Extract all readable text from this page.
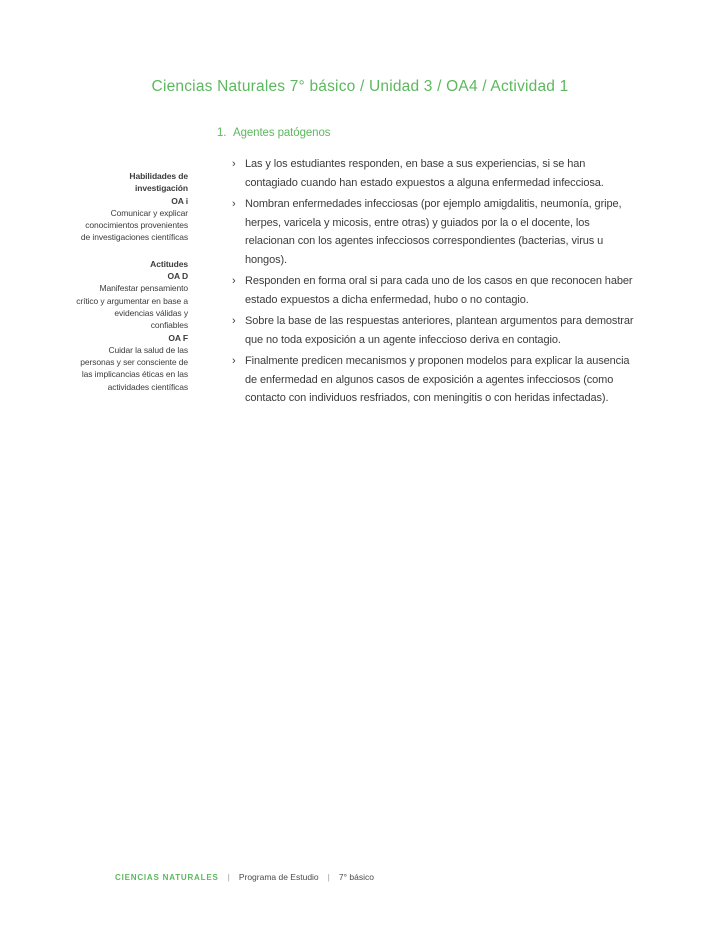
Ciencias Naturales 7° básico / Unidad 3 / OA4 / Actividad 1
1. Agentes patógenos
Habilidades de investigación
OA i
Comunicar y explicar conocimientos provenientes de investigaciones científicas
Actitudes
OA D
Manifestar pensamiento crítico y argumentar en base a evidencias válidas y confiables
OA F
Cuidar la salud de las personas y ser consciente de las implicancias éticas en las actividades científicas
› Las y los estudiantes responden, en base a sus experiencias, si se han contagiado cuando han estado expuestos a alguna enfermedad infecciosa.
› Nombran enfermedades infecciosas (por ejemplo amigdalitis, neumonía, gripe, herpes, varicela y micosis, entre otras) y guiados por la o el docente, los relacionan con los agentes infecciosos correspondientes (bacterias, virus u hongos).
› Responden en forma oral si para cada uno de los casos en que reconocen haber estado expuestos a dicha enfermedad, hubo o no contagio.
› Sobre la base de las respuestas anteriores, plantean argumentos para demostrar que no toda exposición a un agente infeccioso deriva en contagio.
› Finalmente predicen mecanismos y proponen modelos para explicar la ausencia de enfermedad en algunos casos de exposición a agentes infecciosos (como contacto con individuos resfriados, con meningitis o con heridas infectadas).
CIENCIAS NATURALES | Programa de Estudio | 7° básico
